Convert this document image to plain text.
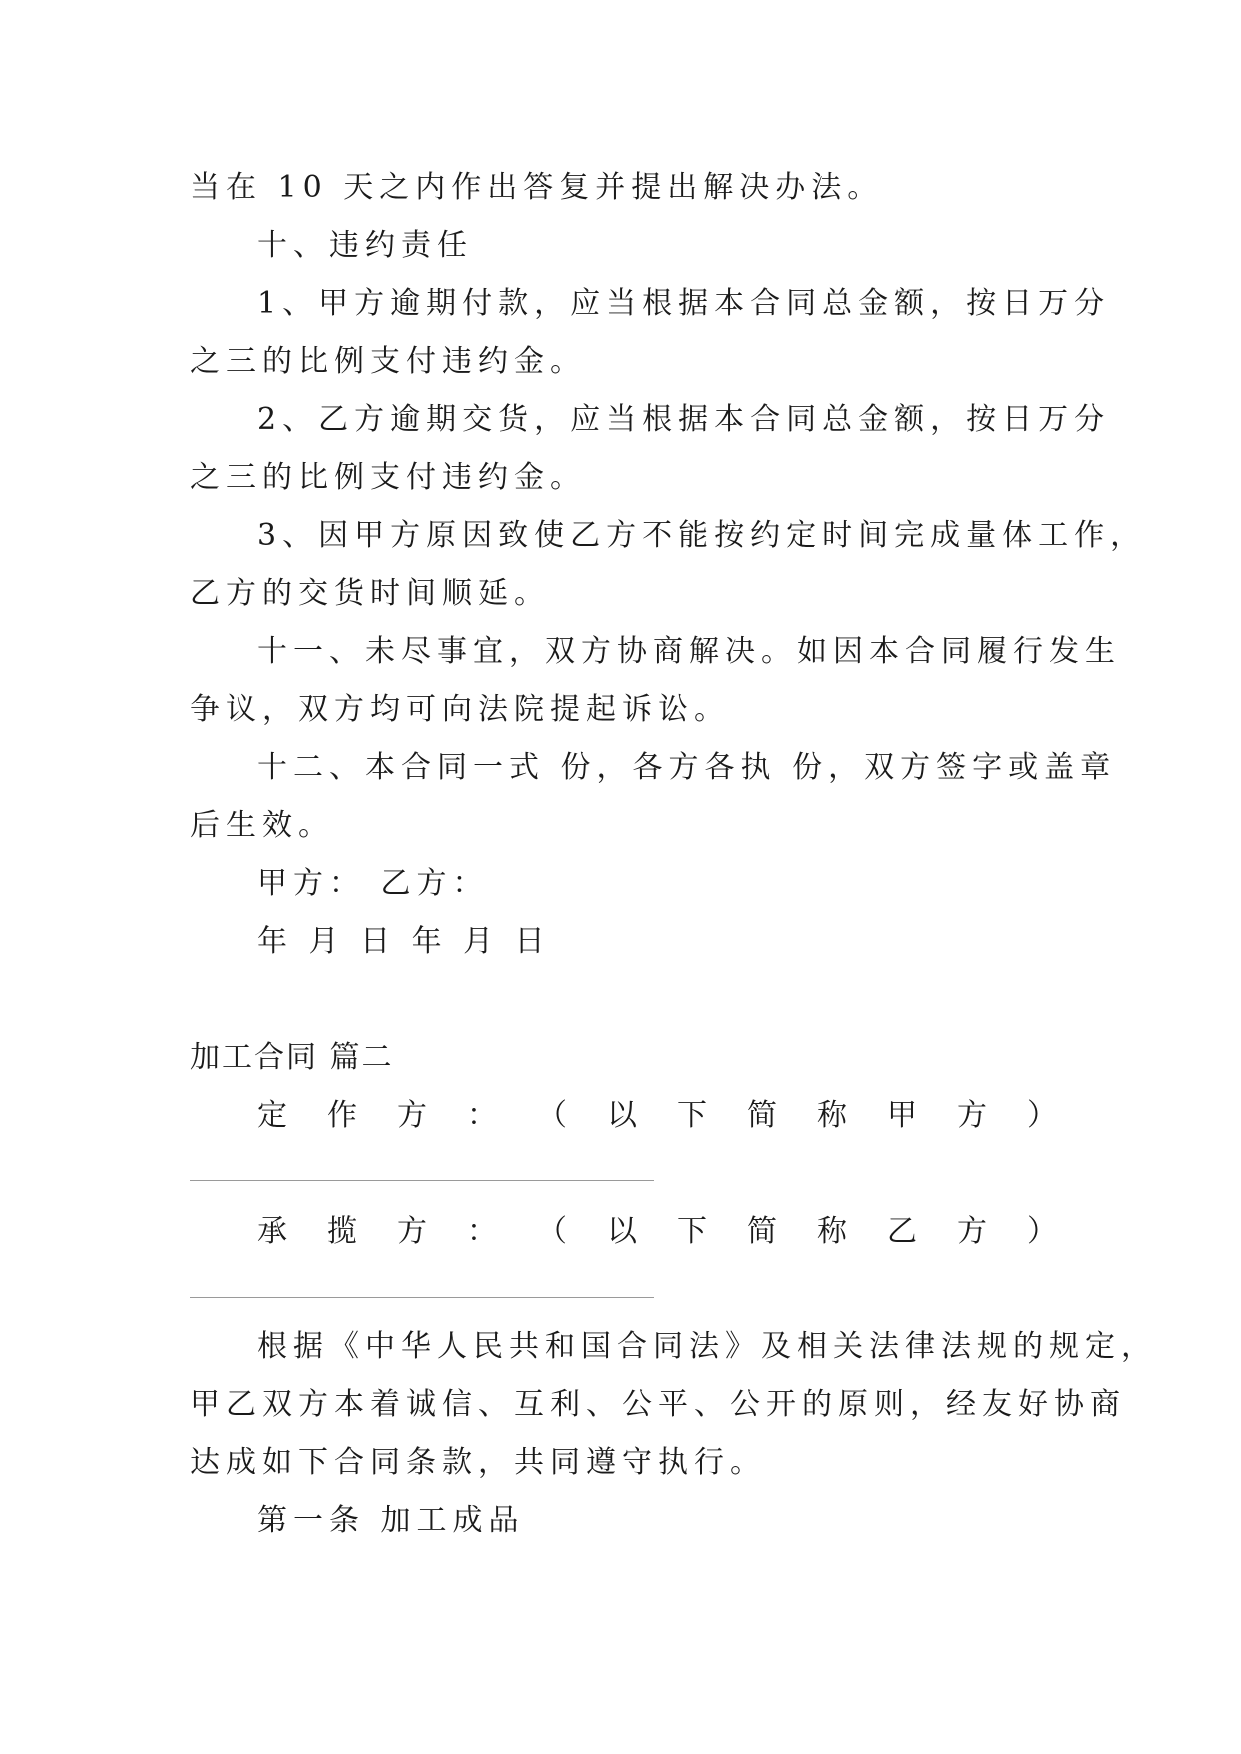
当在 10 天之内作出答复并提出解决办法。

十、违约责任

1、甲方逾期付款，应当根据本合同总金额，按日万分

之三的比例支付违约金。

2、乙方逾期交货，应当根据本合同总金额，按日万分

之三的比例支付违约金。

3、因甲方原因致使乙方不能按约定时间完成量体工作，

乙方的交货时间顺延。

十一、未尽事宜，双方协商解决。如因本合同履行发生

争议，双方均可向法院提起诉讼。

十二、本合同一式 份，各方各执 份，双方签字或盖章

后生效。

甲方： 乙方：

年 月 日 年 月 日

加工合同 篇二

定 作 方 ： （ 以 下 简 称 甲 方 ）
承 揽 方 ： （ 以 下 简 称 乙 方 ）

根据《中华人民共和国合同法》及相关法律法规的规定，

甲乙双方本着诚信、互利、公平、公开的原则，经友好协商

达成如下合同条款，共同遵守执行。

第一条 加工成品
